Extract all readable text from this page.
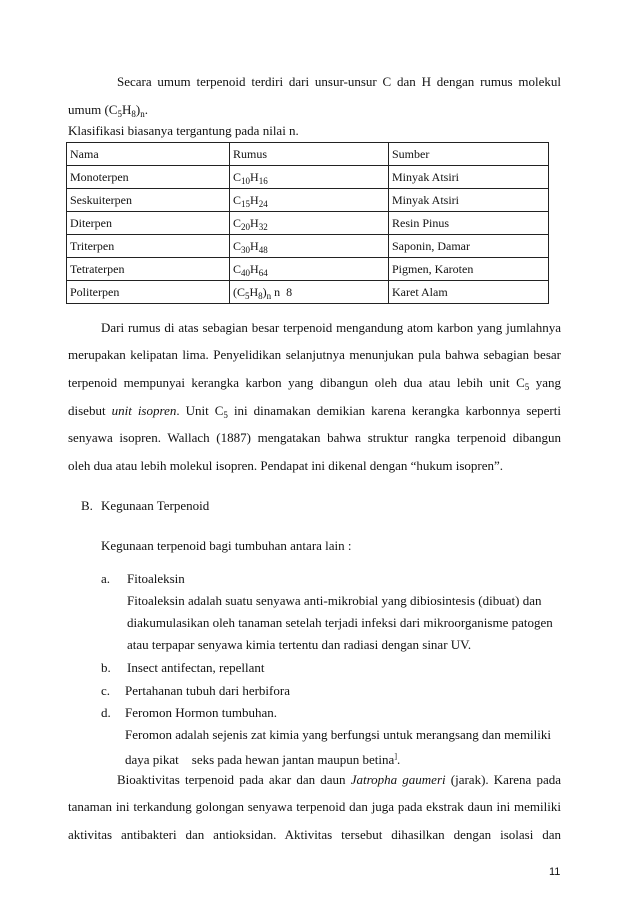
Secara umum terpenoid terdiri dari unsur-unsur C dan H dengan rumus molekul
umum $(C_5H_8)_n$.
Klasifikasi biasanya tergantung pada nilai n.
Nama	Rumus	Sumber
Monoterpen	$C_{10}H_{16}$	Minyak Atsiri
Seskuiterpen	$C_{15}H_{24}$	Minyak Atsiri
Diterpen	$C_{20}H_{32}$	Resin Pinus
Triterpen	$C_{30}H_{48}$	Saponin, Damar
Tetraterpen	$C_{40}H_{64}$	Pigmen, Karoten
Politerpen	$(C_5H_8)_n$ n  8	Karet Alam
Dari rumus di atas sebagian besar terpenoid mengandung atom karbon yang jumlahnya
merupakan kelipatan lima. Penyelidikan selanjutnya menunjukan pula bahwa sebagian besar
terpenoid mempunyai kerangka karbon yang dibangun oleh dua atau lebih unit $C_5$ yang
disebut unit isopren. Unit $C_5$ ini dinamakan demikian karena kerangka karbonnya seperti
senyawa isopren. Wallach (1887) mengatakan bahwa struktur rangka terpenoid dibangun
oleh dua atau lebih molekul isopren. Pendapat ini dikenal dengan “hukum isopren”.
B. Kegunaan Terpenoid
Kegunaan terpenoid bagi tumbuhan antara lain :
a. Fitoaleksin
Fitoaleksin adalah suatu senyawa anti-mikrobial yang dibiosintesis (dibuat) dan
diakumulasikan oleh tanaman setelah terjadi infeksi dari mikroorganisme patogen
atau terpapar senyawa kimia tertentu dan radiasi dengan sinar UV.
b. Insect antifectan, repellant
c. Pertahanan tubuh dari herbifora
d. Feromon Hormon tumbuhan.
Feromon adalah sejenis zat kimia yang berfungsi untuk merangsang dan memiliki
daya pikat    seks pada hewan jantan maupun betina].
Bioaktivitas terpenoid pada akar dan daun Jatropha gaumeri (jarak). Karena pada
tanaman ini terkandung golongan senyawa terpenoid dan juga pada ekstrak daun ini memiliki
aktivitas antibakteri dan antioksidan. Aktivitas tersebut dihasilkan dengan isolasi dan
11
